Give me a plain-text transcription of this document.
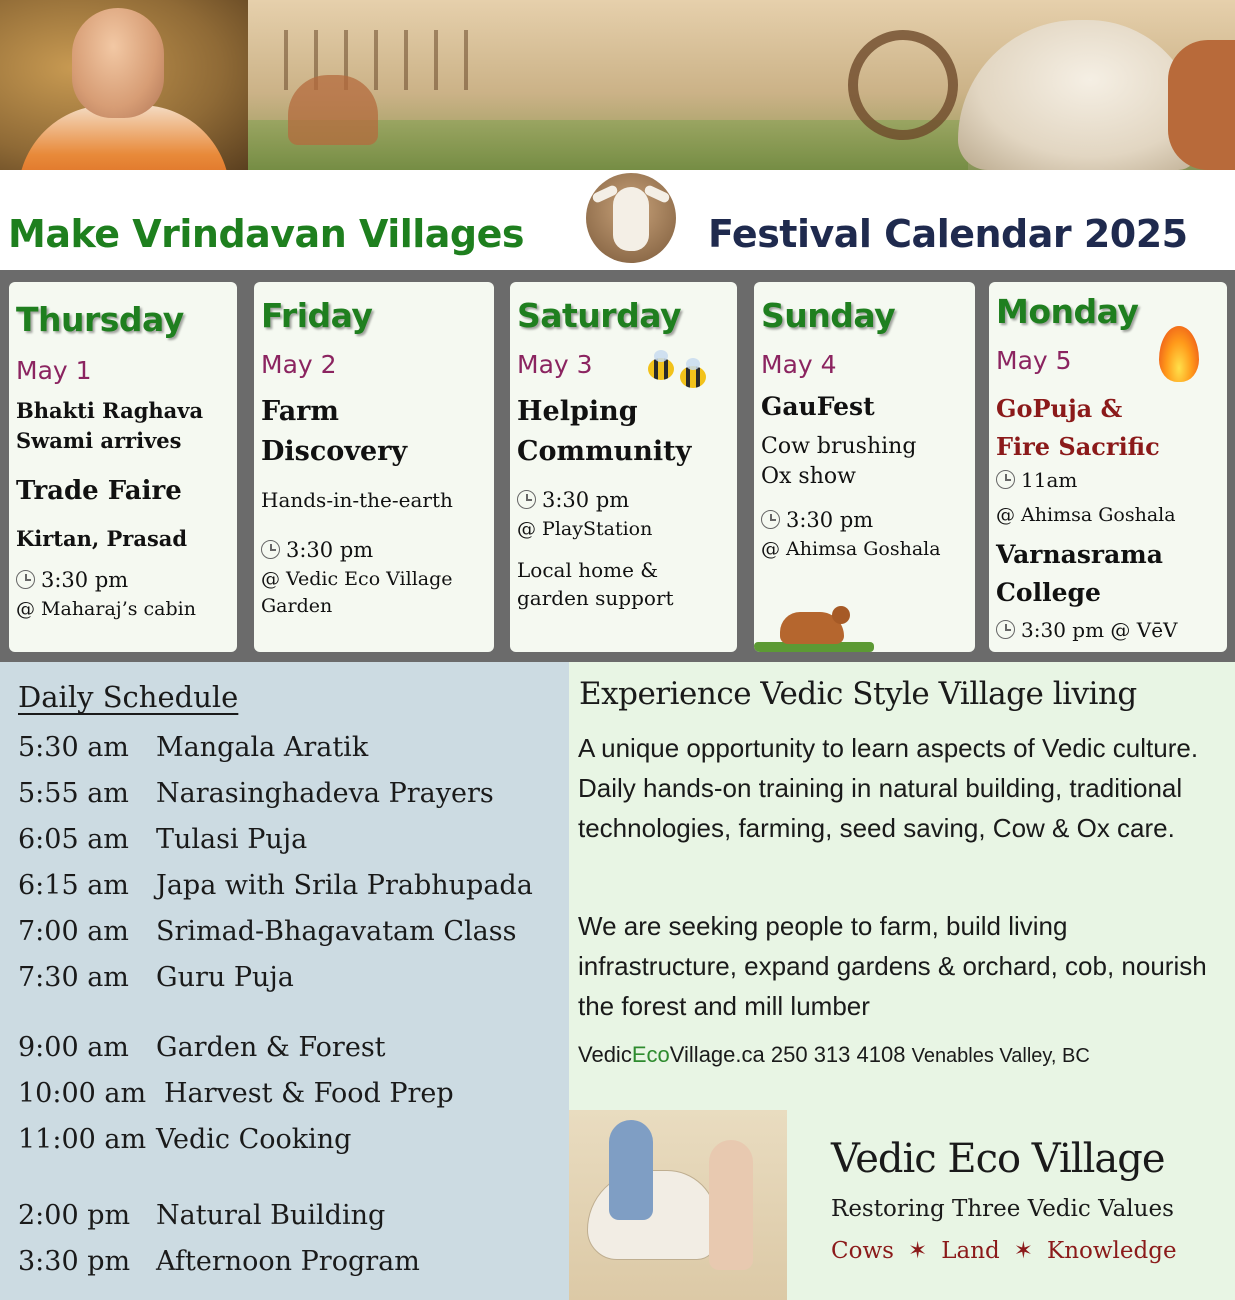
Make Vrindavan Villages	Festival Calendar 2025
Thursday
May 1
Bhakti Raghava
Swami arrives
Trade Faire
Kirtan, Prasad
3:30 pm
@ Maharaj’s cabin
Friday
May 2
Farm
Discovery
Hands-in-the-earth
3:30 pm
@ Vedic Eco Village
Garden
Saturday
May 3
Helping
Community
3:30 pm
@ PlayStation
Local home &
garden support
Sunday
May 4
GauFest
Cow brushing
Ox show
3:30 pm
@ Ahimsa Goshala
Monday
May 5
GoPuja &
Fire Sacrific
11am
@ Ahimsa Goshala
Varnasrama
College
3:30 pm @ VēV
Daily Schedule
5:30 am Mangala Aratik
5:55 am Narasinghadeva Prayers
6:05 am Tulasi Puja
6:15 am Japa with Srila Prabhupada
7:00 am Srimad-Bhagavatam Class
7:30 am Guru Puja
9:00 am Garden & Forest
10:00 am Harvest & Food Prep
11:00 am Vedic Cooking
2:00 pm Natural Building
3:30 pm Afternoon Program
Experience Vedic Style Village living
A unique opportunity to learn aspects of Vedic culture. Daily hands-on training in natural building, traditional technologies, farming, seed saving, Cow & Ox care.
We are seeking people to farm, build living infrastructure, expand gardens & orchard, cob, nourish the forest and mill lumber
VedicEcoVillage.ca 250 313 4108 Venables Valley, BC
Vedic Eco Village
Restoring Three Vedic Values
Cows ✶ Land ✶ Knowledge
